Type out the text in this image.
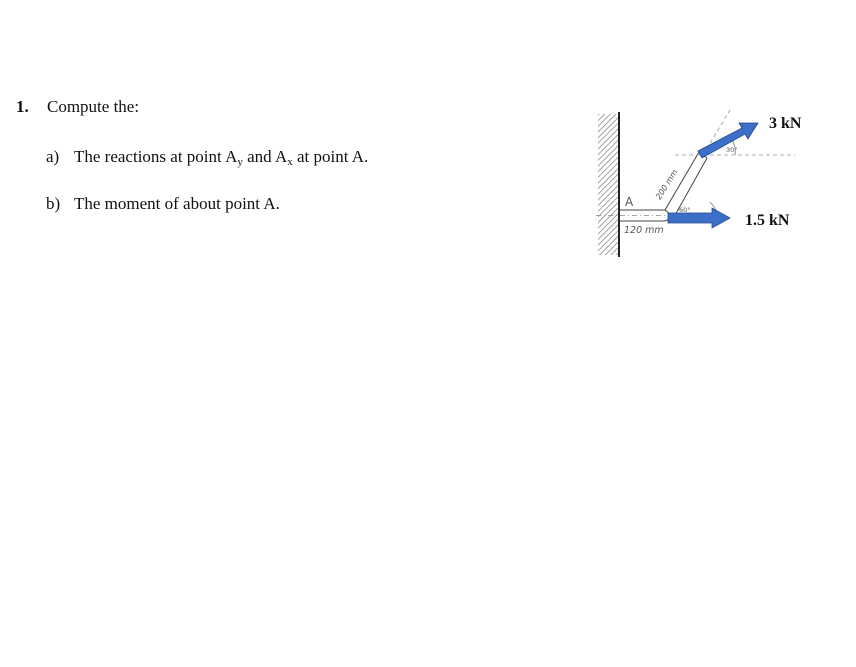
1. Compute the:
a) The reactions at point $A_y$ and $A_x$ at point A.
b) The moment of about point A.
3 kN
1.5 kN
A
120 mm
200 mm
30°
60°
